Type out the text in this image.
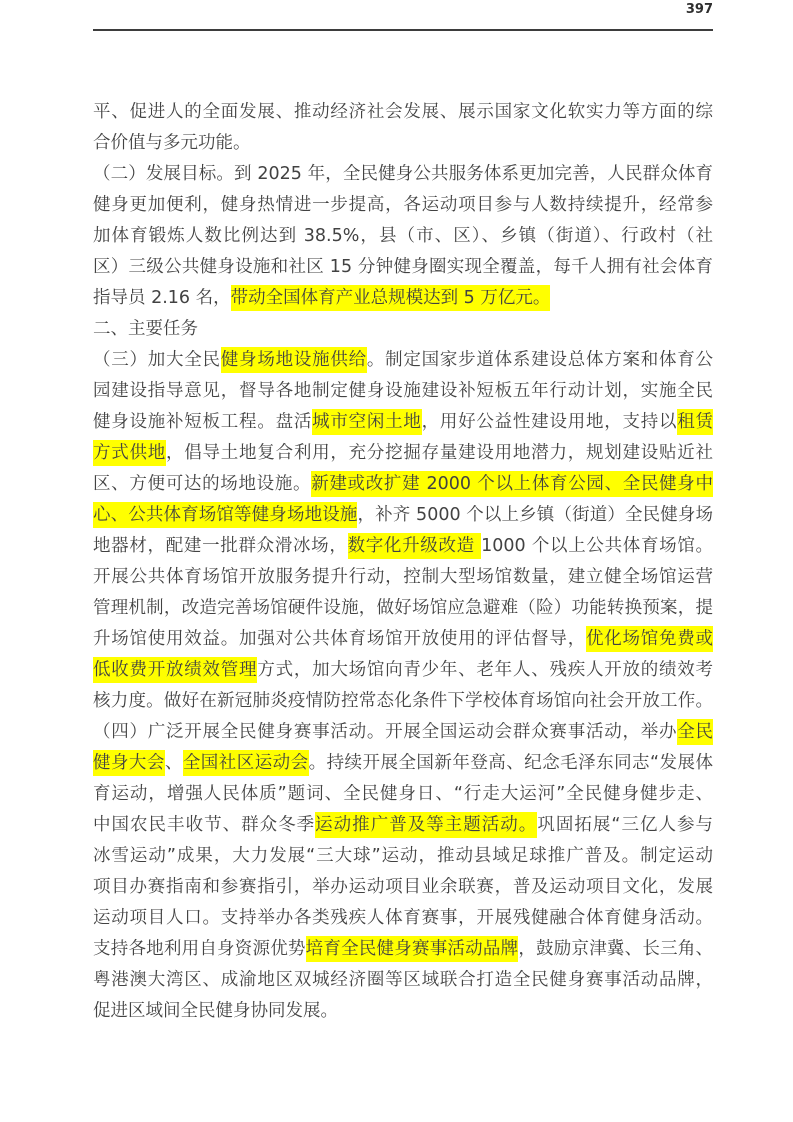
397
平、促进人的全面发展、推动经济社会发展、展示国家文化软实力等方面的综
合价值与多元功能。
（二）发展目标。到 2025 年，全民健身公共服务体系更加完善，人民群众体育
健身更加便利，健身热情进一步提高，各运动项目参与人数持续提升，经常参
加体育锻炼人数比例达到 38.5%，县（市、区）、乡镇（街道）、行政村（社
区）三级公共健身设施和社区 15 分钟健身圈实现全覆盖，每千人拥有社会体育
指导员 2.16 名，带动全国体育产业总规模达到 5 万亿元。
二、主要任务
（三）加大全民健身场地设施供给。制定国家步道体系建设总体方案和体育公
园建设指导意见，督导各地制定健身设施建设补短板五年行动计划，实施全民
健身设施补短板工程。盘活城市空闲土地，用好公益性建设用地，支持以租赁
方式供地，倡导土地复合利用，充分挖掘存量建设用地潜力，规划建设贴近社
区、方便可达的场地设施。新建或改扩建 2000 个以上体育公园、全民健身中
心、公共体育场馆等健身场地设施，补齐 5000 个以上乡镇（街道）全民健身场
地器材，配建一批群众滑冰场，数字化升级改造 1000 个以上公共体育场馆。
开展公共体育场馆开放服务提升行动，控制大型场馆数量，建立健全场馆运营
管理机制，改造完善场馆硬件设施，做好场馆应急避难（险）功能转换预案，提
升场馆使用效益。加强对公共体育场馆开放使用的评估督导，优化场馆免费或
低收费开放绩效管理方式，加大场馆向青少年、老年人、残疾人开放的绩效考
核力度。做好在新冠肺炎疫情防控常态化条件下学校体育场馆向社会开放工作。
（四）广泛开展全民健身赛事活动。开展全国运动会群众赛事活动，举办全民
健身大会、全国社区运动会。持续开展全国新年登高、纪念毛泽东同志“发展体
育运动，增强人民体质”题词、全民健身日、“行走大运河”全民健身健步走、
中国农民丰收节、群众冬季运动推广普及等主题活动。巩固拓展“三亿人参与
冰雪运动”成果，大力发展“三大球”运动，推动县域足球推广普及。制定运动
项目办赛指南和参赛指引，举办运动项目业余联赛，普及运动项目文化，发展
运动项目人口。支持举办各类残疾人体育赛事，开展残健融合体育健身活动。
支持各地利用自身资源优势培育全民健身赛事活动品牌，鼓励京津冀、长三角、
粤港澳大湾区、成渝地区双城经济圈等区域联合打造全民健身赛事活动品牌，
促进区域间全民健身协同发展。
